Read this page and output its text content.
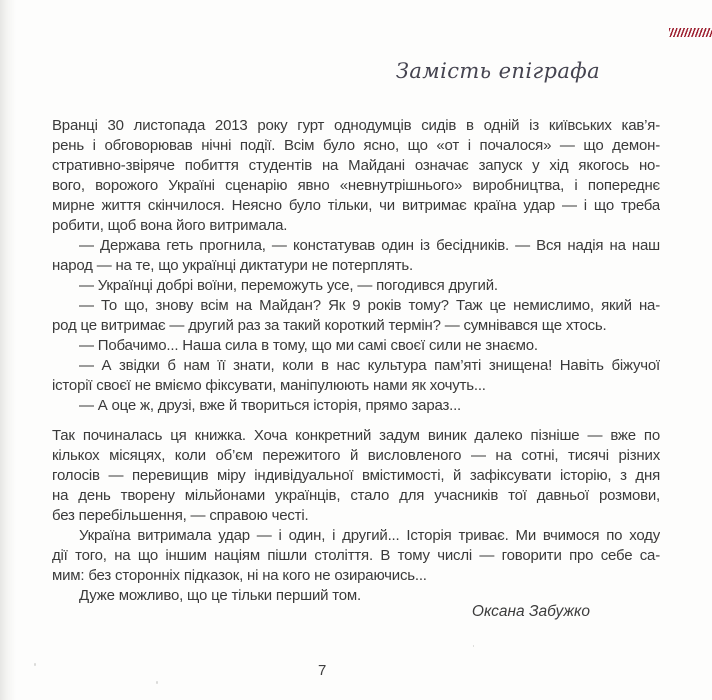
Замість епіграфа
Вранці 30 листопада 2013 року гурт однодумців сидів в одній із київських кав’я-
рень і обговорював нічні події. Всім було ясно, що «от і почалося» — що демон-
стративно-звіряче побиття студентів на Майдані означає запуск у хід якогось но-
вого, ворожого Україні сценарію явно «невнутрішнього» виробництва, і попереднє
мирне життя скінчилося. Неясно було тільки, чи витримає країна удар — і що треба
робити, щоб вона його витримала.
— Держава геть прогнила, — констатував один із бесідників. — Вся надія на наш
народ — на те, що українці диктатури не потерплять.
— Українці добрі воїни, переможуть усе, — погодився другий.
— То що, знову всім на Майдан? Як 9 років тому? Таж це немислимо, який на-
род це витримає — другий раз за такий короткий термін? — сумнівався ще хтось.
— Побачимо... Наша сила в тому, що ми самі своєї сили не знаємо.
— А звідки б нам її знати, коли в нас культура пам’яті знищена! Навіть біжучої
історії своєї не вміємо фіксувати, маніпулюють нами як хочуть...
— А оце ж, друзі, вже й твориться історія, прямо зараз...
Так починалась ця книжка. Хоча конкретний задум виник далеко пізніше — вже по
кількох місяцях, коли об’єм пережитого й висловленого — на сотні, тисячі різних
голосів — перевищив міру індивідуальної вмістимості, й зафіксувати історію, з дня
на день творену мільйонами українців, стало для учасників тої давньої розмови,
без перебільшення, — справою честі.
Україна витримала удар — і один, і другий... Історія триває. Ми вчимося по ходу
дії того, на що іншим націям пішли століття. В тому числі — говорити про себе са-
мим: без сторонніх підказок, ні на кого не озираючись...
Дуже можливо, що це тільки перший том.
Оксана Забужко
7
